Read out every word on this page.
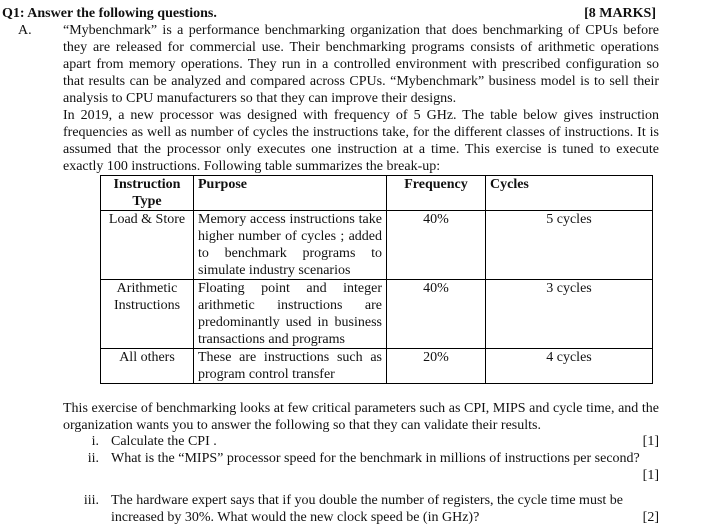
Q1: Answer the following questions.	[8 MARKS]
A. “Mybenchmark” is a performance benchmarking organization that does benchmarking of CPUs before they are released for commercial use. Their benchmarking programs consists of arithmetic operations apart from memory operations. They run in a controlled environment with prescribed configuration so that results can be analyzed and compared across CPUs. “Mybenchmark” business model is to sell their analysis to CPU manufacturers so that they can improve their designs.

In 2019, a new processor was designed with frequency of 5 GHz. The table below gives instruction frequencies as well as number of cycles the instructions take, for the different classes of instructions. It is assumed that the processor only executes one instruction at a time. This exercise is tuned to execute exactly 100 instructions. Following table summarizes the break-up:

Instruction Type	Purpose	Frequency	Cycles
Load & Store	Memory access instructions take higher number of cycles ; added to benchmark programs to simulate industry scenarios	40%	5 cycles
Arithmetic Instructions	Floating point and integer arithmetic instructions are predominantly used in business transactions and programs	40%	3 cycles
All others	These are instructions such as program control transfer	20%	4 cycles

This exercise of benchmarking looks at few critical parameters such as CPI, MIPS and cycle time, and the organization wants you to answer the following so that they can validate their results.

i. Calculate the CPI .	[1]
ii. What is the “MIPS” processor speed for the benchmark in millions of instructions per second?
[1]
iii. The hardware expert says that if you double the number of registers, the cycle time must be increased by 30%. What would the new clock speed be (in GHz)?	[2]
